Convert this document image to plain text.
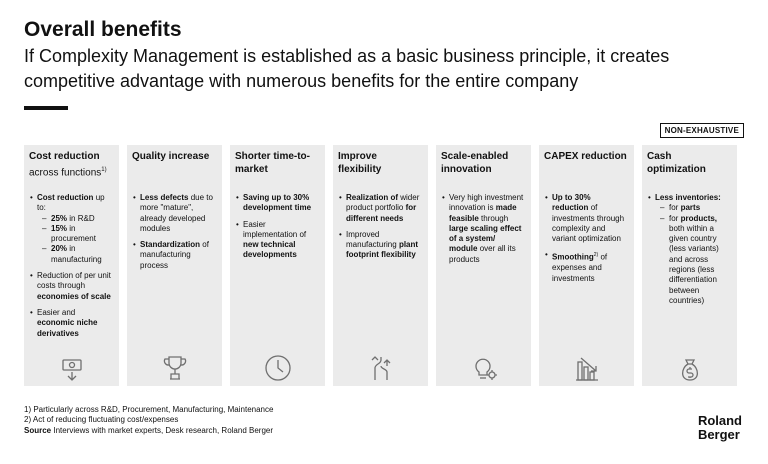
Overall benefits
If Complexity Management is established as a basic business principle, it creates competitive advantage with numerous benefits for the entire company
NON-EXHAUSTIVE
Cost reduction
across functions$^{1)}$
• Cost reduction up to:
– 25% in R&D
– 15% in procurement
– 20% in manufacturing
• Reduction of per unit costs through economies of scale
• Easier and economic niche derivatives
Quality increase
• Less defects due to more "mature", already developed modules
• Standardization of manufacturing process
Shorter time-to-market
• Saving up to 30% development time
• Easier implementation of new technical developments
Improve flexibility
• Realization of wider product portfolio for different needs
• Improved manufacturing plant footprint flexibility
Scale-enabled innovation
• Very high investment innovation is made feasible through large scaling effect of a system/ module over all its products
CAPEX reduction
• Up to 30% reduction of investments through complexity and variant optimization
• Smoothing$^{2)}$ of expenses and investments
Cash optimization
• Less inventories:
– for parts
– for products, both within a given country (less variants) and across regions (less differentiation between countries)
1) Particularly across R&D, Procurement, Manufacturing, Maintenance
2) Act of reducing fluctuating cost/expenses
Source Interviews with market experts, Desk research, Roland Berger
Roland
Berger
